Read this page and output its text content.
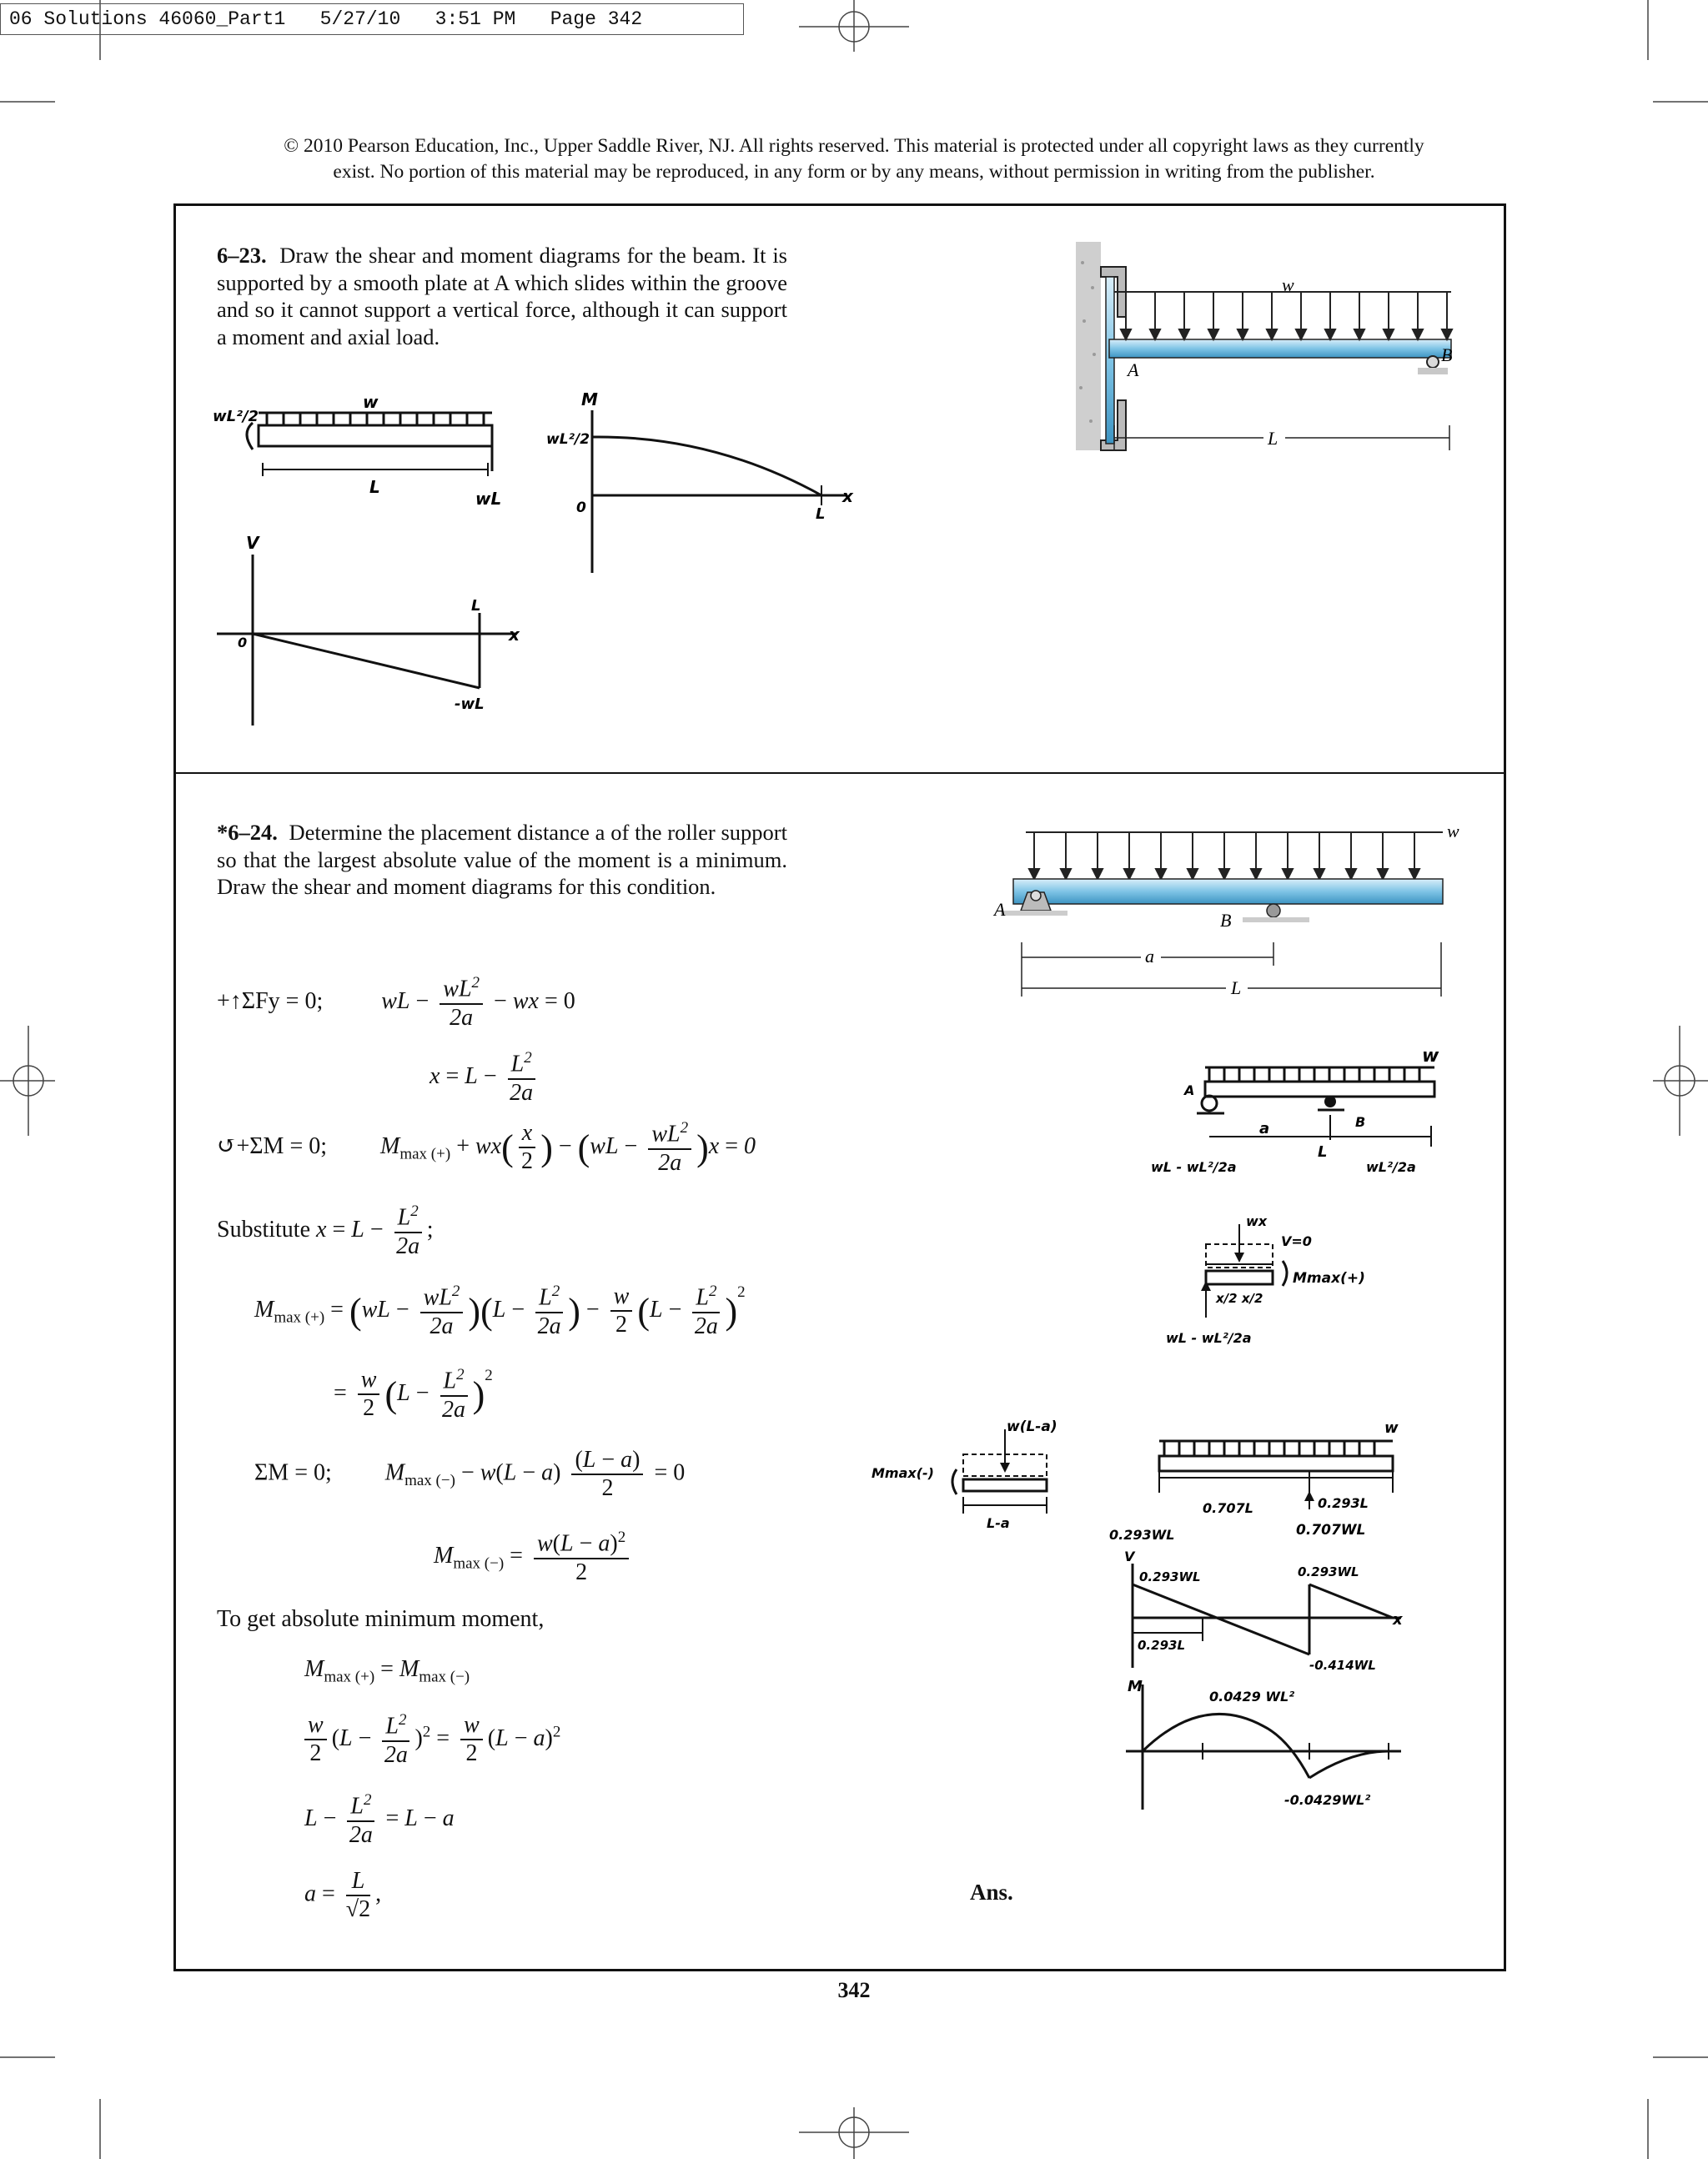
06 Solutions 46060_Part1   5/27/10   3:51 PM   Page 342
© 2010 Pearson Education, Inc., Upper Saddle River, NJ. All rights reserved. This material is protected under all copyright laws as they currently
exist. No portion of this material may be reproduced, in any form or by any means, without permission in writing from the publisher.
6–23. Draw the shear and moment diagrams for the beam. It is supported by a smooth plate at A which slides within the groove and so it cannot support a vertical force, although it can support a moment and axial load.
w
A
B
L
wL²/2
w
L
wL
M
x
wL²/2
0	L
V
x
0
L
-wL
*6–24. Determine the placement distance a of the roller support so that the largest absolute value of the moment is a minimum. Draw the shear and moment diagrams for this condition.
w
A
B
a
L
+↑ΣFy = 0;	wL − $\frac{wL^2}{2a}$ − wx = 0
$x = L - \frac{L^2}{2a}$
↺+ΣM = 0; $M_{max (+)} + wx( \frac{x}{2}$ ) − $(wL - \frac{wL^2}{2a} )x = 0$
Substitute $x = L - \frac{L^2}{2a}$ ;
$M_{max (+)} = (wL - \frac{wL^2}{2a} )(L - \frac{L^2}{2a}$ ) − $\frac{w}{2} (L - \frac{L^2}{2a} )^2$
= $\frac{w}{2} (L - \frac{L^2}{2a} )^2$
ΣM = 0; $M_{max (-)} - w(L - a) \frac{(L - a)}{2} = 0$
$M_{max (-)} = \frac{w(L - a)^2}{2}$
To get absolute minimum moment,
$M_{max (+)} = M_{max (-)}$
$\frac{w}{2} (L - \frac{L^2}{2a} )^2 = \frac{w}{2} (L - a)^2$
$L - \frac{L^2}{2a} = L - a$
$a = \frac{L}{√2}$ ,	Ans.
w
A
B
a
L
wL - wL²/2a	wL²/2a
wx
V=0
Mmax(+)
x/2 x/2
wL - wL²/2a
w(L-a)
Mmax(-)
L-a
w
0.707L	0.293L
0.293WL	0.707WL
V
0.293WL	0.293WL
-0.414WL
0.293L
x
M
0.0429 WL²
-0.0429WL²
342
